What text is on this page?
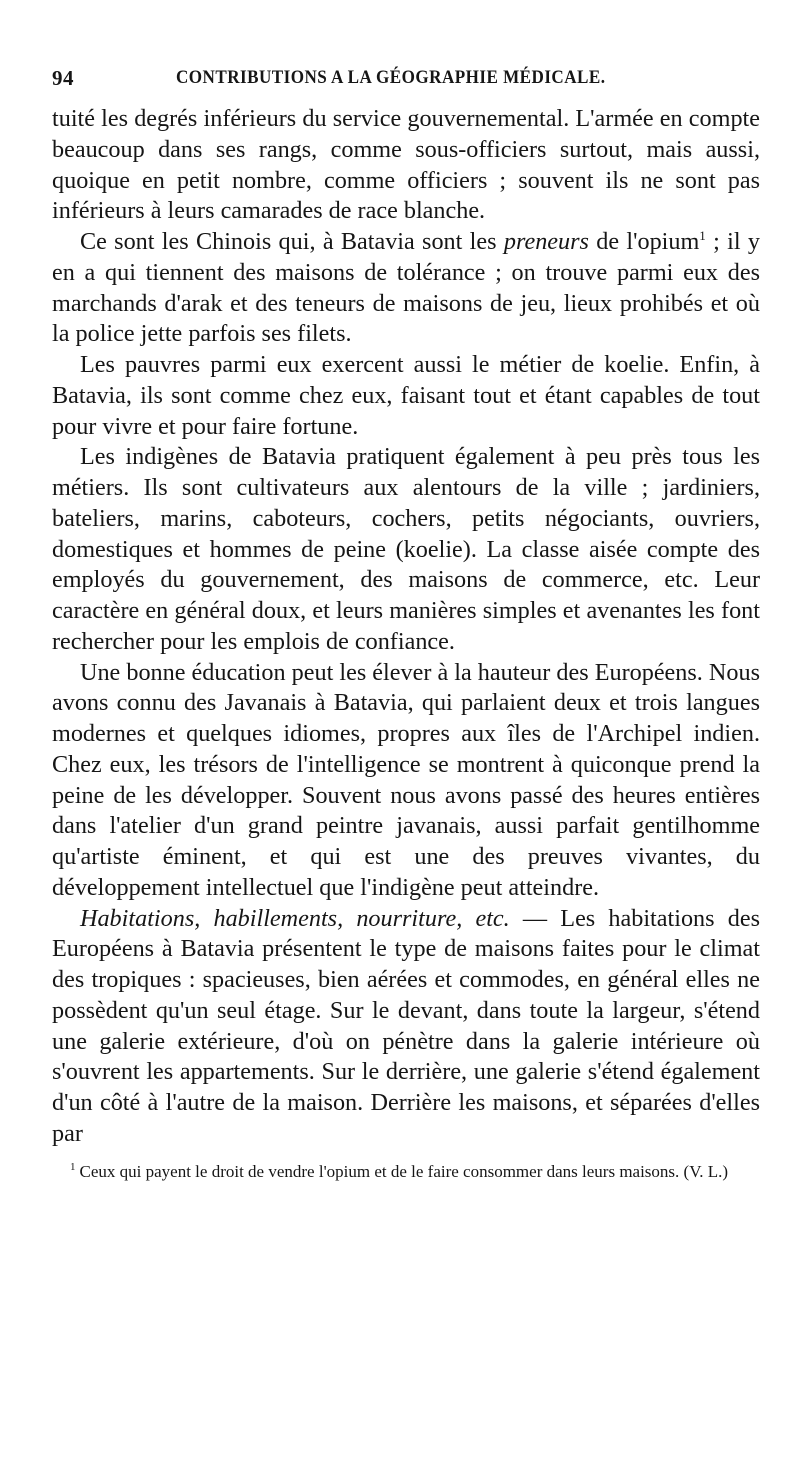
94	CONTRIBUTIONS A LA GÉOGRAPHIE MÉDICALE.

tuité les degrés inférieurs du service gouvernemental. L'armée en compte beaucoup dans ses rangs, comme sous-officiers surtout, mais aussi, quoique en petit nombre, comme officiers ; souvent ils ne sont pas inférieurs à leurs camarades de race blanche.

Ce sont les Chinois qui, à Batavia sont les preneurs de l'opium$^1$ ; il y en a qui tiennent des maisons de tolérance ; on trouve parmi eux des marchands d'arak et des teneurs de maisons de jeu, lieux prohibés et où la police jette parfois ses filets.

Les pauvres parmi eux exercent aussi le métier de koelie. Enfin, à Batavia, ils sont comme chez eux, faisant tout et étant capables de tout pour vivre et pour faire fortune.

Les indigènes de Batavia pratiquent également à peu près tous les métiers. Ils sont cultivateurs aux alentours de la ville ; jardiniers, bateliers, marins, caboteurs, cochers, petits négociants, ouvriers, domestiques et hommes de peine (koelie). La classe aisée compte des employés du gouvernement, des maisons de commerce, etc. Leur caractère en général doux, et leurs manières simples et avenantes les font rechercher pour les emplois de confiance.

Une bonne éducation peut les élever à la hauteur des Européens. Nous avons connu des Javanais à Batavia, qui parlaient deux et trois langues modernes et quelques idiomes, propres aux îles de l'Archipel indien. Chez eux, les trésors de l'intelligence se montrent à quiconque prend la peine de les développer. Souvent nous avons passé des heures entières dans l'atelier d'un grand peintre javanais, aussi parfait gentilhomme qu'artiste éminent, et qui est une des preuves vivantes, du développement intellectuel que l'indigène peut atteindre.

Habitations, habillements, nourriture, etc. — Les habitations des Européens à Batavia présentent le type de maisons faites pour le climat des tropiques : spacieuses, bien aérées et commodes, en général elles ne possèdent qu'un seul étage. Sur le devant, dans toute la largeur, s'étend une galerie extérieure, d'où on pénètre dans la galerie intérieure où s'ouvrent les appartements. Sur le derrière, une galerie s'étend également d'un côté à l'autre de la maison. Derrière les maisons, et séparées d'elles par

$^1$ Ceux qui payent le droit de vendre l'opium et de le faire consommer dans leurs maisons. (V. L.)
